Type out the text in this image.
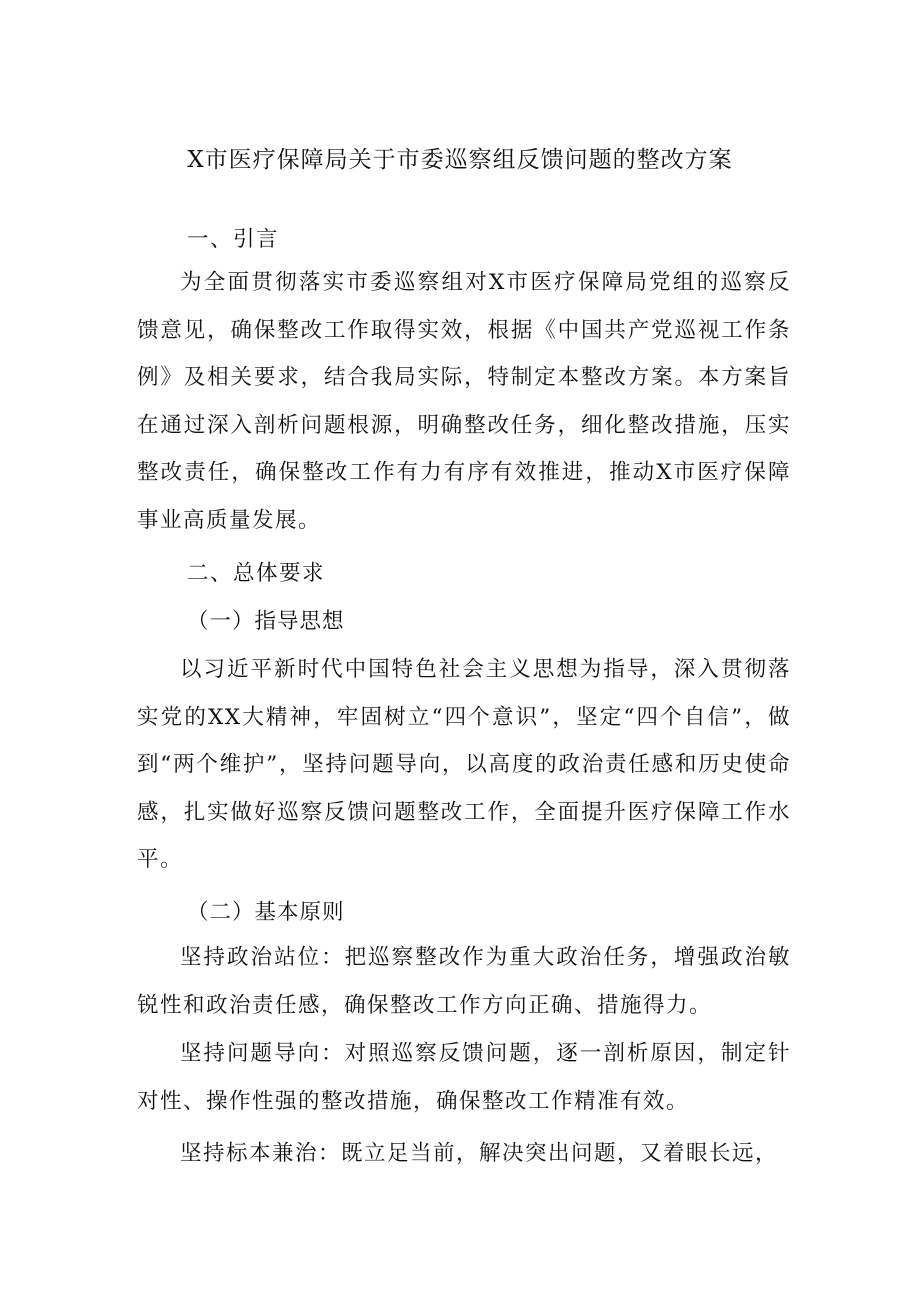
X市医疗保障局关于市委巡察组反馈问题的整改方案
一、引言

为全面贯彻落实市委巡察组对X市医疗保障局党组的巡察反馈意见，确保整改工作取得实效，根据《中国共产党巡视工作条例》及相关要求，结合我局实际，特制定本整改方案。本方案旨在通过深入剖析问题根源，明确整改任务，细化整改措施，压实整改责任，确保整改工作有力有序有效推进，推动X市医疗保障事业高质量发展。

二、总体要求
（一）指导思想

以习近平新时代中国特色社会主义思想为指导，深入贯彻落实党的XX大精神，牢固树立“四个意识”，坚定“四个自信”，做到“两个维护”，坚持问题导向，以高度的政治责任感和历史使命感，扎实做好巡察反馈问题整改工作，全面提升医疗保障工作水平。

（二）基本原则

坚持政治站位：把巡察整改作为重大政治任务，增强政治敏锐性和政治责任感，确保整改工作方向正确、措施得力。

坚持问题导向：对照巡察反馈问题，逐一剖析原因，制定针对性、操作性强的整改措施，确保整改工作精准有效。

坚持标本兼治：既立足当前，解决突出问题，又着眼长远，
